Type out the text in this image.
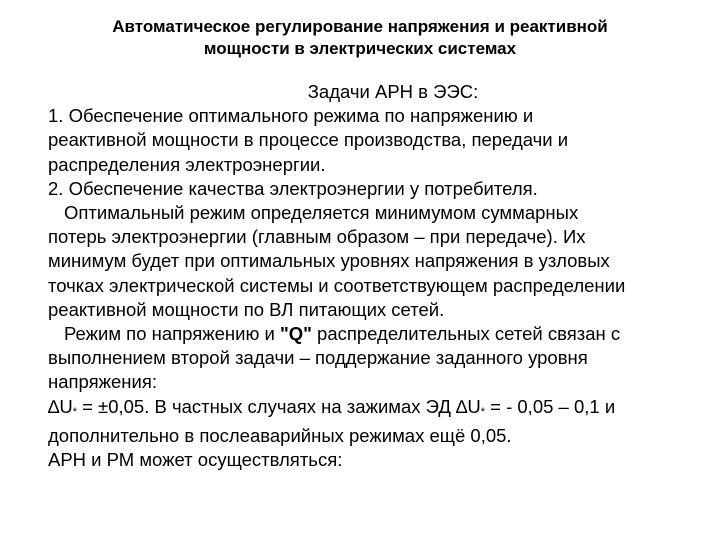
Автоматическое регулирование напряжения и реактивной
мощности в электрических системах
Задачи АРН в ЭЭС:
1. Обеспечение оптимального режима по напряжению и
реактивной мощности в процессе производства, передачи и
распределения электроэнергии.
2. Обеспечение качества электроэнергии у потребителя.
Оптимальный режим определяется минимумом суммарных
потерь электроэнергии (главным образом – при передаче). Их
минимум будет при оптимальных уровнях напряжения в узловых
точках электрической системы и соответствующем распределении
реактивной мощности по ВЛ питающих сетей.
Режим по напряжению и "Q" распределительных сетей связан с
выполнением второй задачи – поддержание заданного уровня
напряжения:
∆U* = ±0,05. В частных случаях на зажимах ЭД ∆U* = - 0,05 – 0,1 и
дополнительно в послеаварийных режимах ещё 0,05.
АРН и РМ может осуществляться:
